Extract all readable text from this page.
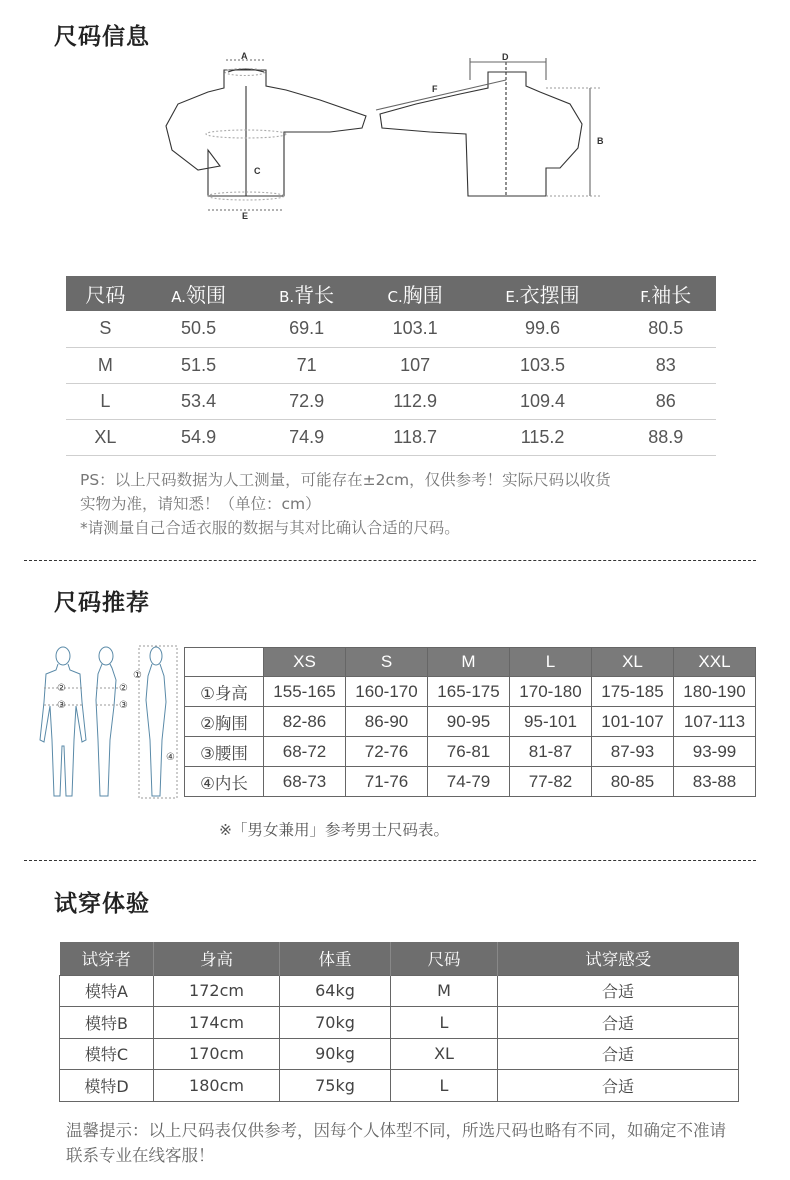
尺码信息
A
C
E
D
F
B
尺码	A.领围	B.背长	C.胸围	E.衣摆围	F.袖长
S	50.5	69.1	103.1	99.6	80.5
M	51.5	71	107	103.5	83
L	53.4	72.9	112.9	109.4	86
XL	54.9	74.9	118.7	115.2	88.9
PS：以上尺码数据为人工测量，可能存在±2cm，仅供参考！实际尺码以收货
实物为准，请知悉！（单位：cm）
*请测量自己合适衣服的数据与其对比确认合适的尺码。
尺码推荐
②
③
②
③
①
④
	XS	S	M	L	XL	XXL
①身高	155-165	160-170	165-175	170-180	175-185	180-190
②胸围	82-86	86-90	90-95	95-101	101-107	107-113
③腰围	68-72	72-76	76-81	81-87	87-93	93-99
④内长	68-73	71-76	74-79	77-82	80-85	83-88
※「男女兼用」参考男士尺码表。
试穿体验
试穿者	身高	体重	尺码	试穿感受
模特A	172cm	64kg	M	合适
模特B	174cm	70kg	L	合适
模特C	170cm	90kg	XL	合适
模特D	180cm	75kg	L	合适
温馨提示：以上尺码表仅供参考，因每个人体型不同，所选尺码也略有不同，如确定不准请联系专业在线客服！
